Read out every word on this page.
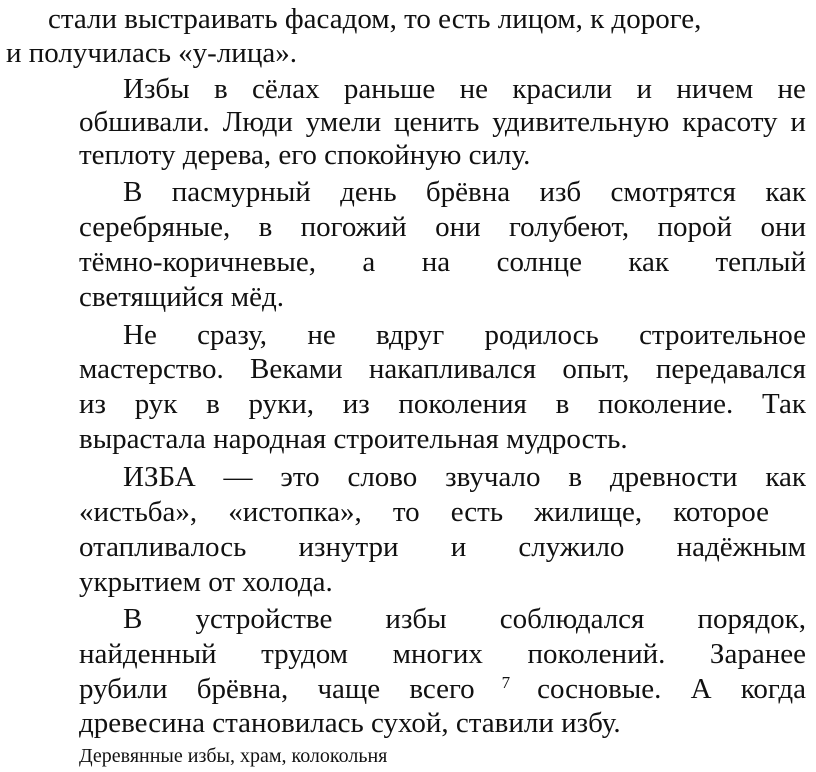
стали выстраивать фасадом, то есть лицом, к дороге,
и получилась «у-лица».
Избы в сёлах раньше не красили и ничем не
обшивали. Люди умели ценить удивительную красоту и
теплоту дерева, его спокойную силу.
В пасмурный день брёвна изб смотрятся как
серебряные, в погожий они голубеют, порой они
тёмно-коричневые, а на солнце как теплый
светящийся мёд.
Не сразу, не вдруг родилось строительное
мастерство. Веками накапливался опыт, передавался
из рук в руки, из поколения в поколение. Так
вырастала народная строительная мудрость.
ИЗБА — это слово звучало в древности как
«истьба», «истопка», то есть жилище, которое
отапливалось изнутри и служило надёжным
укрытием от холода.
В устройстве избы соблюдался порядок,
найденный трудом многих поколений. Заранее
рубили брёвна, чаще всего $^7$ сосновые. А когда
древесина становилась сухой, ставили избу.
Деревянные избы, храм, колокольня
